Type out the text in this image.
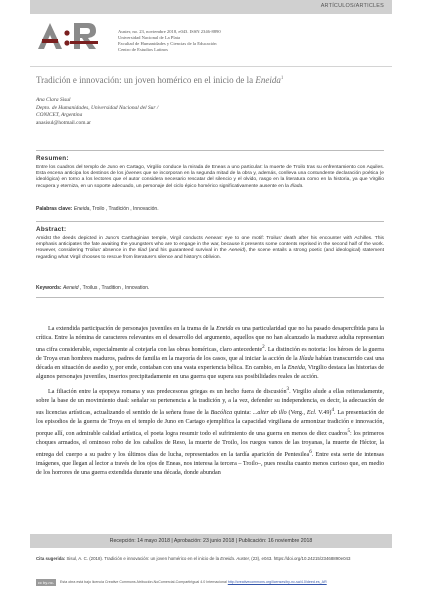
ARTÍCULOS/ARTICLES
Auster, no. 23, noviembre 2018, e043. ISSN 2346-8890
Universidad Nacional de La Plata
Facultad de Humanidades y Ciencias de la Educación
Centro de Estudios Latinos
Tradición e innovación: un joven homérico en el inicio de la Eneida$^1$
Ana Clara Sisul
Depto. de Humanidades, Universidad Nacional del Sur /
CONICET, Argentina
anasisul@hotmail.com.ar
Resumen:
Entre los cuadros del templo de Juno en Cartago, Virgilio conduce la mirada de Eneas a uno particular: la muerte de Troilo tras su enfrentamiento con Aquiles. Esta escena anticipa los destinos de los jóvenes que se incorporan en la segunda mitad de la obra y, además, conlleva una contundente declaración poética (e ideológica) en torno a los lectores que el autor considera necesario rescatar del silencio y el olvido, rasgo en la literatura como en la historia, ya que Virgilio recupera y eterniza, en un soporte adecuado, un personaje del ciclo épico homérico significativamente ausente en la Ilíada.
Palabras clave: Eneida, Troilo , Tradición , Innovación.
Abstract:
Amidst the deeds depicted in Juno's Carthaginian temple, Virgil conducts Aeneas' eye to one motif: Troilus' death after his encounter with Achilles. This emphasis anticipates the fate awaiting the youngsters who are to engage in the war, because it presents some contents reprised in the second half of the work. However, considering Troilus' absence in the Iliad (and his guaranteed survival in the Aeneid), the scene entails a strong poetic (and ideological) statement regarding what Virgil chooses to rescue from literature's silence and history's oblivion.
Keywords: Aeneid , Troilus , Tradition , Innovation.

La extendida participación de personajes juveniles en la trama de la Eneida es una particularidad que no ha pasado desapercibida para la crítica. Entre la nómina de caracteres relevantes en el desarrollo del argumento, aquellos que no han alcanzado la madurez adulta representan una cifra considerable, especialmente al cotejarla con las obras homéricas, claro antecedente$^2$. La distinción es notoria: los héroes de la guerra de Troya eran hombres maduros, padres de familia en la mayoría de los casos, que al iniciar la acción de la Ilíada habían transcurrido casi una década en situación de asedio y, por ende, contaban con una vasta experiencia bélica. En cambio, en la Eneida, Virgilio destaca las historias de algunos personajes juveniles, insertos precipitadamente en una guerra que supera sus posibilidades reales de acción.

La filiación entre la epopeya romana y sus predecesoras griegas es un hecho fuera de discusión$^3$. Virgilio alude a ellas reiteradamente, sobre la base de un movimiento dual: señalar su pertenencia a la tradición y, a la vez, defender su independencia, es decir, la adecuación de sus licencias artísticas, actualizando el sentido de la señera frase de la Bucólica quinta: ...alter ab illo (Verg., Ecl. V.49)$^4$. La presentación de los episodios de la guerra de Troya en el templo de Juno en Cartago ejemplifica la capacidad virgiliana de armonizar tradición e innovación, porque allí, con admirable calidad artística, el poeta logra resumir todo el sufrimiento de una guerra en menos de diez cuadros$^5$: los primeros choques armados, el ominoso robo de los caballos de Reso, la muerte de Troilo, los ruegos vanos de las troyanas, la muerte de Héctor, la entrega del cuerpo a su padre y los últimos días de lucha, representados en la tardía aparición de Pentesilea$^6$. Entre esta serie de intensas imágenes, que llegan al lector a través de los ojos de Eneas, nos interesa la tercera – Troilo–, pues resulta cuanto menos curioso que, en medio de los horrores de una guerra extendida durante una década, donde abundan

Recepción: 14 mayo 2018 | Aprobación: 23 junio 2018 | Publicación: 16 noviembre 2018
Cita sugerida: Sisul, A. C. (2018). Tradición e innovación: un joven homérico en el inicio de la Eneida. Auster, (23), e043. https://doi.org/10.24215/23468890e043
cc by-nc-sa
Esta obra está bajo licencia Creative Commons Atribución-NoComercial-CompartirIgual 4.0 Internacional http://creativecommons.org/licenses/by-nc-sa/4.0/deed.es_AR
